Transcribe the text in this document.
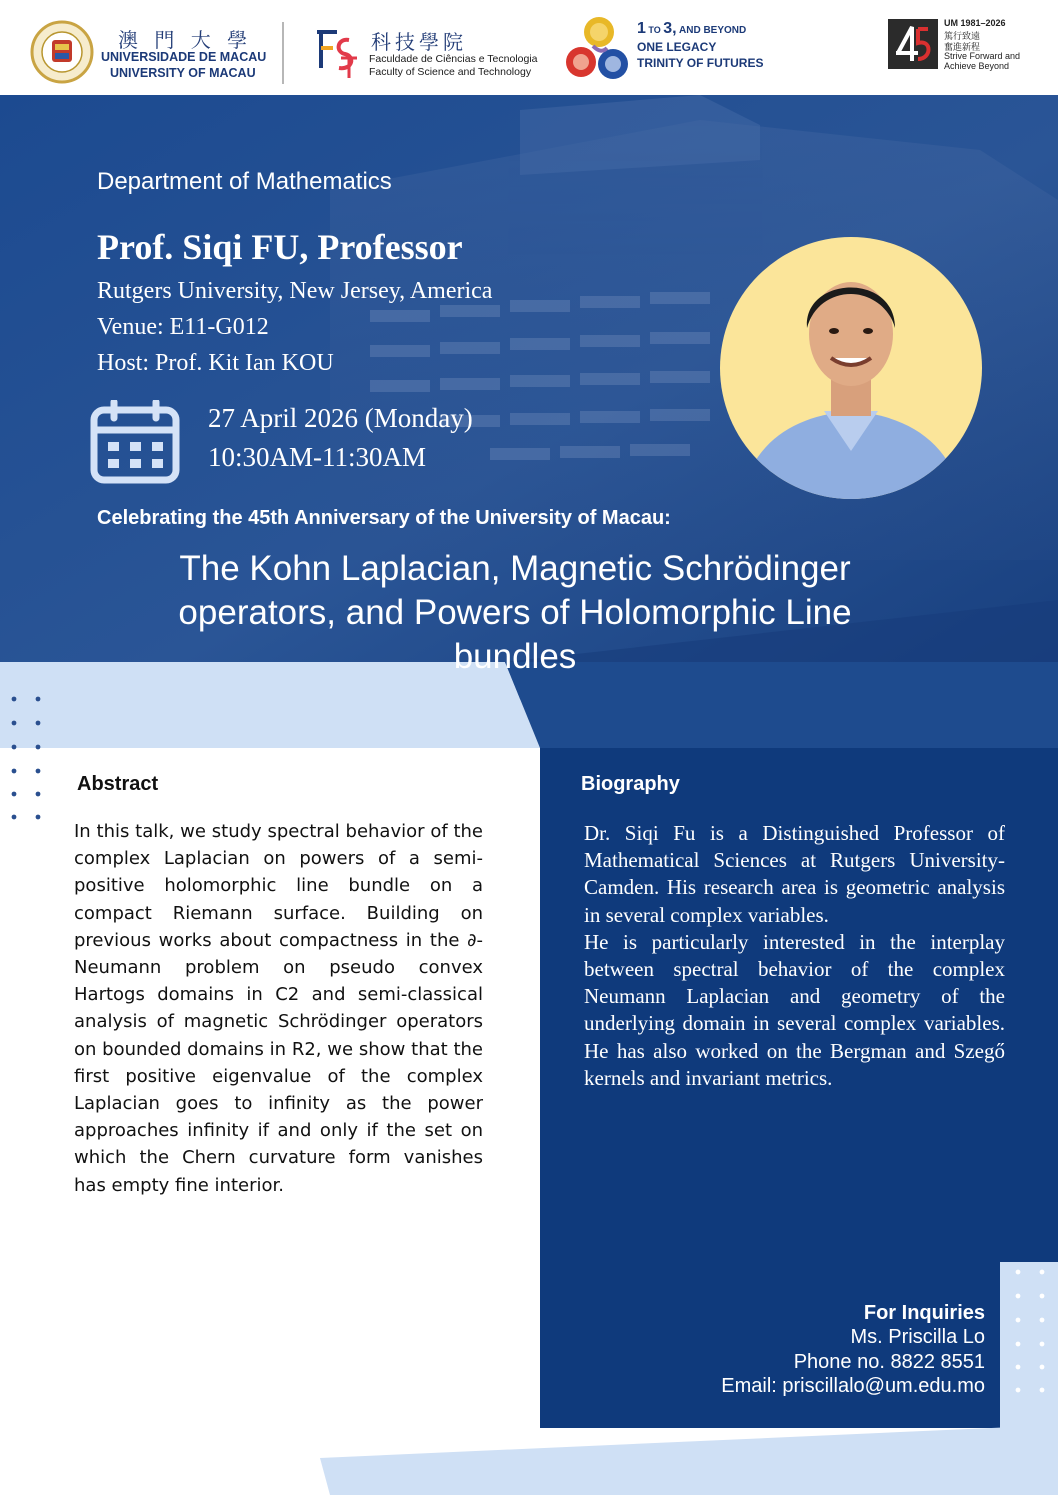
澳 門 大 學
UNIVERSIDADE DE MACAU
UNIVERSITY OF MACAU
科技學院
Faculdade de Ciências e Tecnologia
Faculty of Science and Technology
1 TO 3, AND BEYOND
ONE LEGACY
TRINITY OF FUTURES
UM 1981–2026
篤行致遠
奮進新程
Strive Forward and
Achieve Beyond
Department of Mathematics
Prof. Siqi FU, Professor
Rutgers University, New Jersey, America
Venue: E11-G012
Host: Prof. Kit Ian KOU
27 April 2026 (Monday)
10:30AM-11:30AM
Celebrating the 45th Anniversary of the University of Macau:
The Kohn Laplacian, Magnetic Schrödinger
operators, and Powers of Holomorphic Line
bundles
Abstract
In this talk, we study spectral behavior of the complex Laplacian on powers of a semi-positive holomorphic line bundle on a compact Riemann surface. Building on previous works about compactness in the ∂-Neumann problem on pseudo convex Hartogs domains in C2 and semi-classical analysis of magnetic Schrödinger operators on bounded domains in R2, we show that the first positive eigenvalue of the complex Laplacian goes to infinity as the power approaches infinity if and only if the set on which the Chern curvature form vanishes has empty fine interior.
Biography
Dr. Siqi Fu is a Distinguished Professor of Mathematical Sciences at Rutgers University-Camden. His research area is geometric analysis in several complex variables.
He is particularly interested in the interplay between spectral behavior of the complex Neumann Laplacian and geometry of the underlying domain in several complex variables. He has also worked on the Bergman and Szegő kernels and invariant metrics.
For Inquiries
Ms. Priscilla Lo
Phone no. 8822 8551
Email: priscillalo@um.edu.mo
